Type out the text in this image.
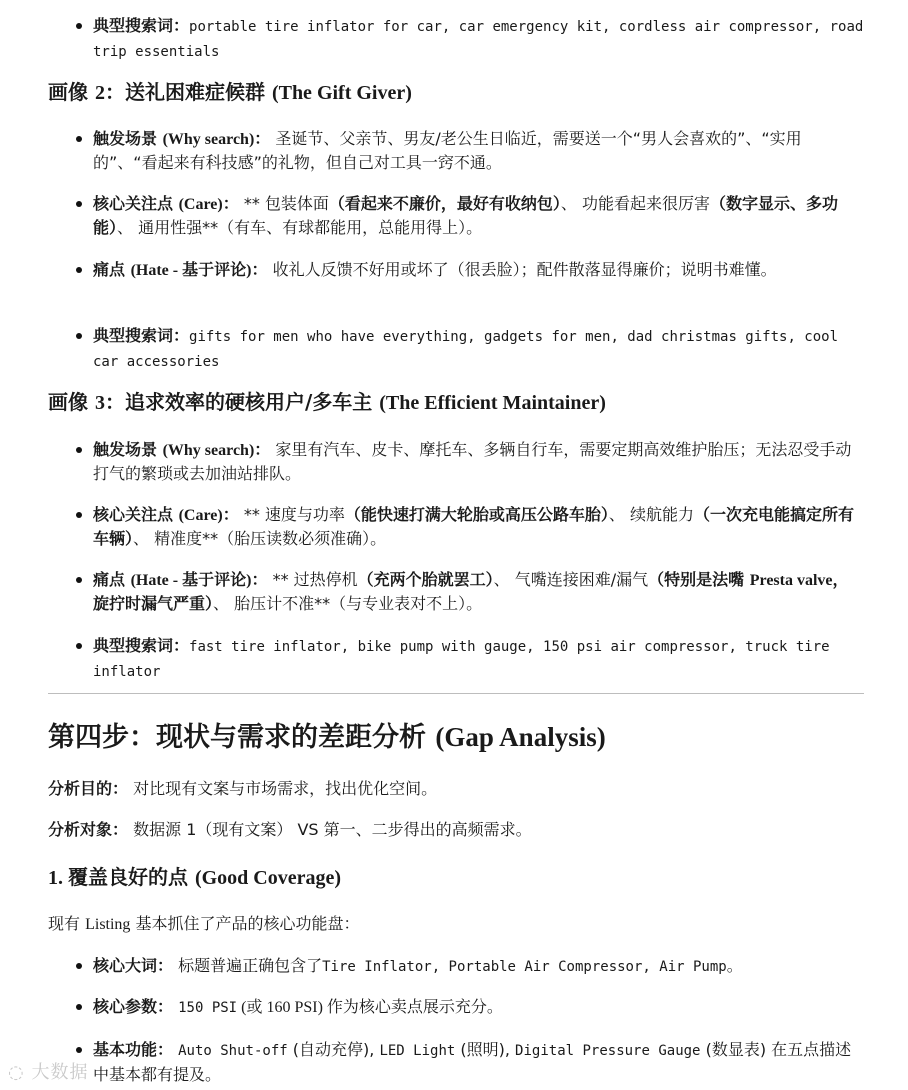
典型搜索词：portable tire inflator for car, car emergency kit, cordless air compressor, road trip essentials
画像 2：送礼困难症候群 (The Gift Giver)
触发场景 (Why search)： 圣诞节、父亲节、男友/老公生日临近，需要送一个“男人会喜欢的”、“实用的”、“看起来有科技感”的礼物，但自己对工具一窍不通。
核心关注点 (Care)： ** 包装体面（看起来不廉价，最好有收纳包）、 功能看起来很厉害（数字显示、多功能）、 通用性强**（有车、有球都能用，总能用得上）。
痛点 (Hate - 基于评论)： 收礼人反馈不好用或坏了（很丢脸）；配件散落显得廉价；说明书难懂。
典型搜索词：gifts for men who have everything, gadgets for men, dad christmas gifts, cool car accessories
画像 3：追求效率的硬核用户/多车主 (The Efficient Maintainer)
触发场景 (Why search)： 家里有汽车、皮卡、摩托车、多辆自行车，需要定期高效维护胎压；无法忍受手动打气的繁琐或去加油站排队。
核心关注点 (Care)： ** 速度与功率（能快速打满大轮胎或高压公路车胎）、 续航能力（一次充电能搞定所有车辆）、 精准度**（胎压读数必须准确）。
痛点 (Hate - 基于评论)： ** 过热停机（充两个胎就罢工）、 气嘴连接困难/漏气（特别是法嘴 Presta valve，旋拧时漏气严重）、 胎压计不准**（与专业表对不上）。
典型搜索词：fast tire inflator, bike pump with gauge, 150 psi air compressor, truck tire inflator
第四步：现状与需求的差距分析 (Gap Analysis)

分析目的： 对比现有文案与市场需求，找出优化空间。

分析对象： 数据源 1（现有文案） VS 第一、二步得出的高频需求。

1. 覆盖良好的点 (Good Coverage)

现有 Listing 基本抓住了产品的核心功能盘：

核心大词： 标题普遍正确包含了Tire Inflator, Portable Air Compressor, Air Pump。
核心参数： 150 PSI (或 160 PSI) 作为核心卖点展示充分。
基本功能： Auto Shut-off (自动充停), LED Light (照明), Digital Pressure Gauge (数显表) 在五点描述中基本都有提及。
◌ 大数据
